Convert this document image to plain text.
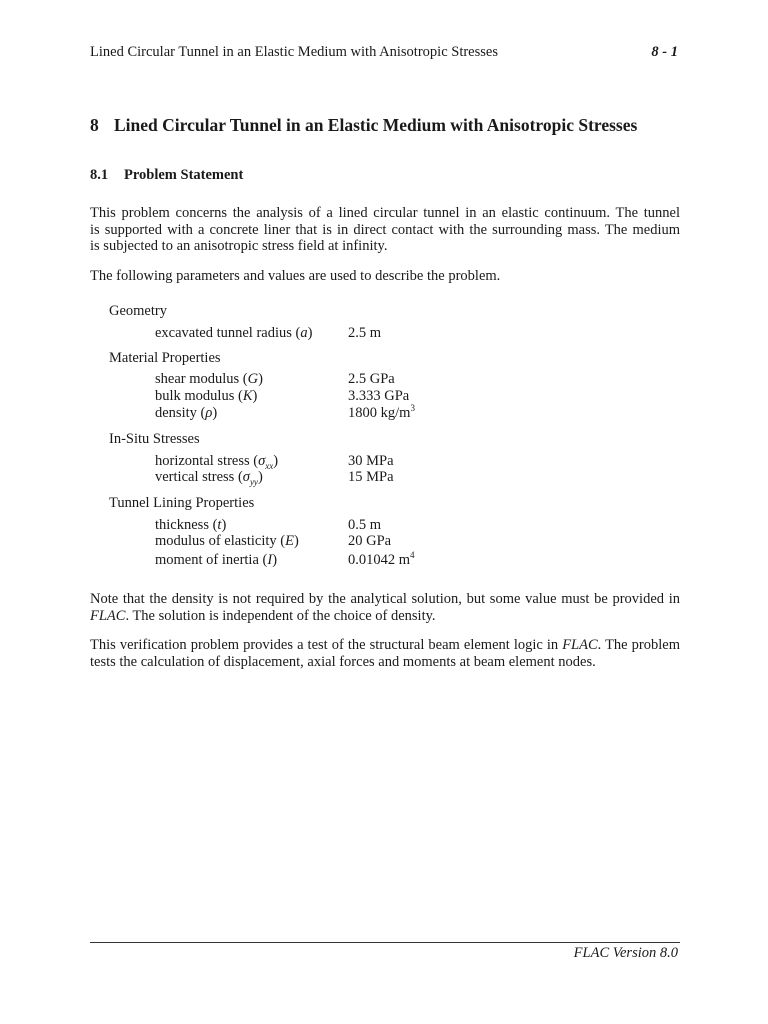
Lined Circular Tunnel in an Elastic Medium with Anisotropic Stresses	8 - 1
8 Lined Circular Tunnel in an Elastic Medium with Anisotropic Stresses
8.1 Problem Statement
This problem concerns the analysis of a lined circular tunnel in an elastic continuum. The tunnel
is supported with a concrete liner that is in direct contact with the surrounding mass. The medium
is subjected to an anisotropic stress field at infinity.
The following parameters and values are used to describe the problem.
Geometry
excavated tunnel radius (a) 2.5 m
Material Properties
shear modulus (G)	2.5 GPa
bulk modulus (K)	3.333 GPa
density (ρ)	1800 $kg/m^3$
In-Situ Stresses
horizontal stress $(\sigma_{xx})$	30 MPa
vertical stress $(\sigma_{yy})$	15 MPa
Tunnel Lining Properties
thickness (t)	0.5 m
modulus of elasticity (E)	20 GPa
moment of inertia (I)	0.01042 $m^4$
Note that the density is not required by the analytical solution, but some value must be provided in
FLAC. The solution is independent of the choice of density.
This verification problem provides a test of the structural beam element logic in FLAC. The problem
tests the calculation of displacement, axial forces and moments at beam element nodes.
FLAC Version 8.0
